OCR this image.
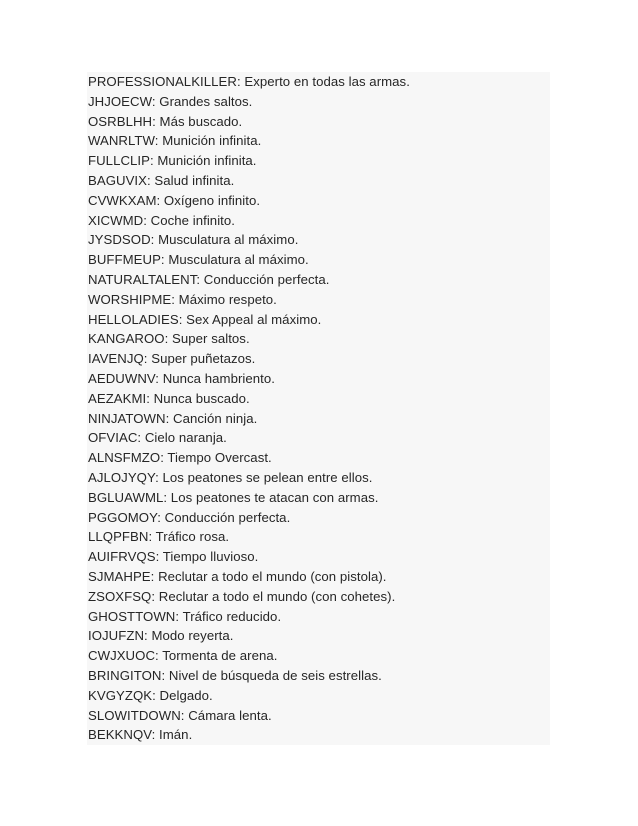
PROFESSIONALKILLER: Experto en todas las armas.
JHJOECW: Grandes saltos.
OSRBLHH: Más buscado.
WANRLTW: Munición infinita.
FULLCLIP: Munición infinita.
BAGUVIX: Salud infinita.
CVWKXAM: Oxígeno infinito.
XICWMD: Coche infinito.
JYSDSOD: Musculatura al máximo.
BUFFMEUP: Musculatura al máximo.
NATURALTALENT: Conducción perfecta.
WORSHIPME: Máximo respeto.
HELLOLADIES: Sex Appeal al máximo.
KANGAROO: Super saltos.
IAVENJQ: Super puñetazos.
AEDUWNV: Nunca hambriento.
AEZAKMI: Nunca buscado.
NINJATOWN: Canción ninja.
OFVIAC: Cielo naranja.
ALNSFMZO: Tiempo Overcast.
AJLOJYQY: Los peatones se pelean entre ellos.
BGLUAWML: Los peatones te atacan con armas.
PGGOMOY: Conducción perfecta.
LLQPFBN: Tráfico rosa.
AUIFRVQS: Tiempo lluvioso.
SJMAHPE: Reclutar a todo el mundo (con pistola).
ZSOXFSQ: Reclutar a todo el mundo (con cohetes).
GHOSTTOWN: Tráfico reducido.
IOJUFZN: Modo reyerta.
CWJXUOC: Tormenta de arena.
BRINGITON: Nivel de búsqueda de seis estrellas.
KVGYZQK: Delgado.
SLOWITDOWN: Cámara lenta.
BEKKNQV: Imán.
